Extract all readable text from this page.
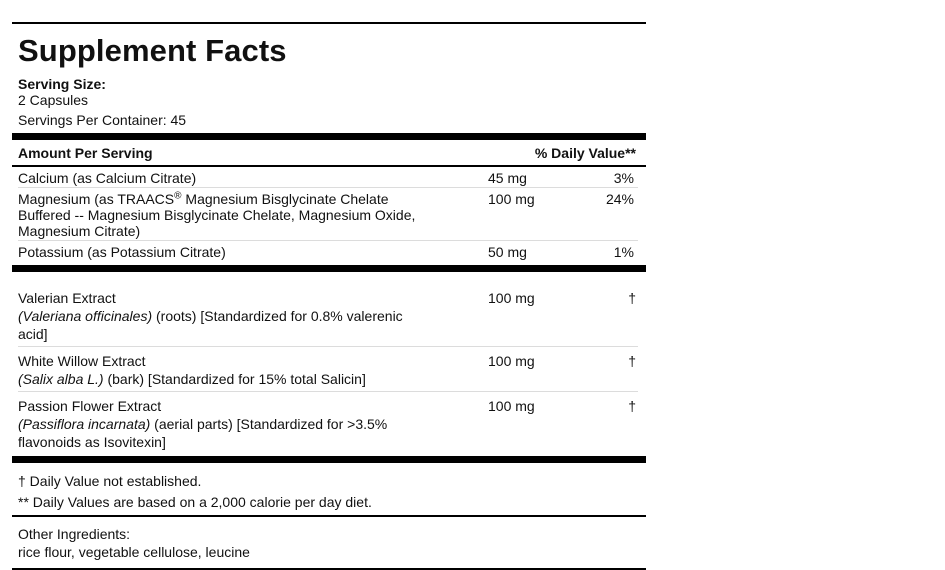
Supplement Facts
Serving Size:
2 Capsules
Servings Per Container: 45
Amount Per Serving	% Daily Value**
Calcium (as Calcium Citrate)	45 mg	3%
Magnesium (as TRAACS® Magnesium Bisglycinate Chelate
Buffered -- Magnesium Bisglycinate Chelate, Magnesium Oxide,
Magnesium Citrate)
100 mg	24%
Potassium (as Potassium Citrate)	50 mg	1%
Valerian Extract
(Valeriana officinales) (roots) [Standardized for 0.8% valerenic
acid]
100 mg	†
White Willow Extract
(Salix alba L.) (bark) [Standardized for 15% total Salicin]
100 mg	†
Passion Flower Extract
(Passiflora incarnata) (aerial parts) [Standardized for >3.5%
flavonoids as Isovitexin]
100 mg	†
† Daily Value not established.
** Daily Values are based on a 2,000 calorie per day diet.
Other Ingredients:
rice flour, vegetable cellulose, leucine
